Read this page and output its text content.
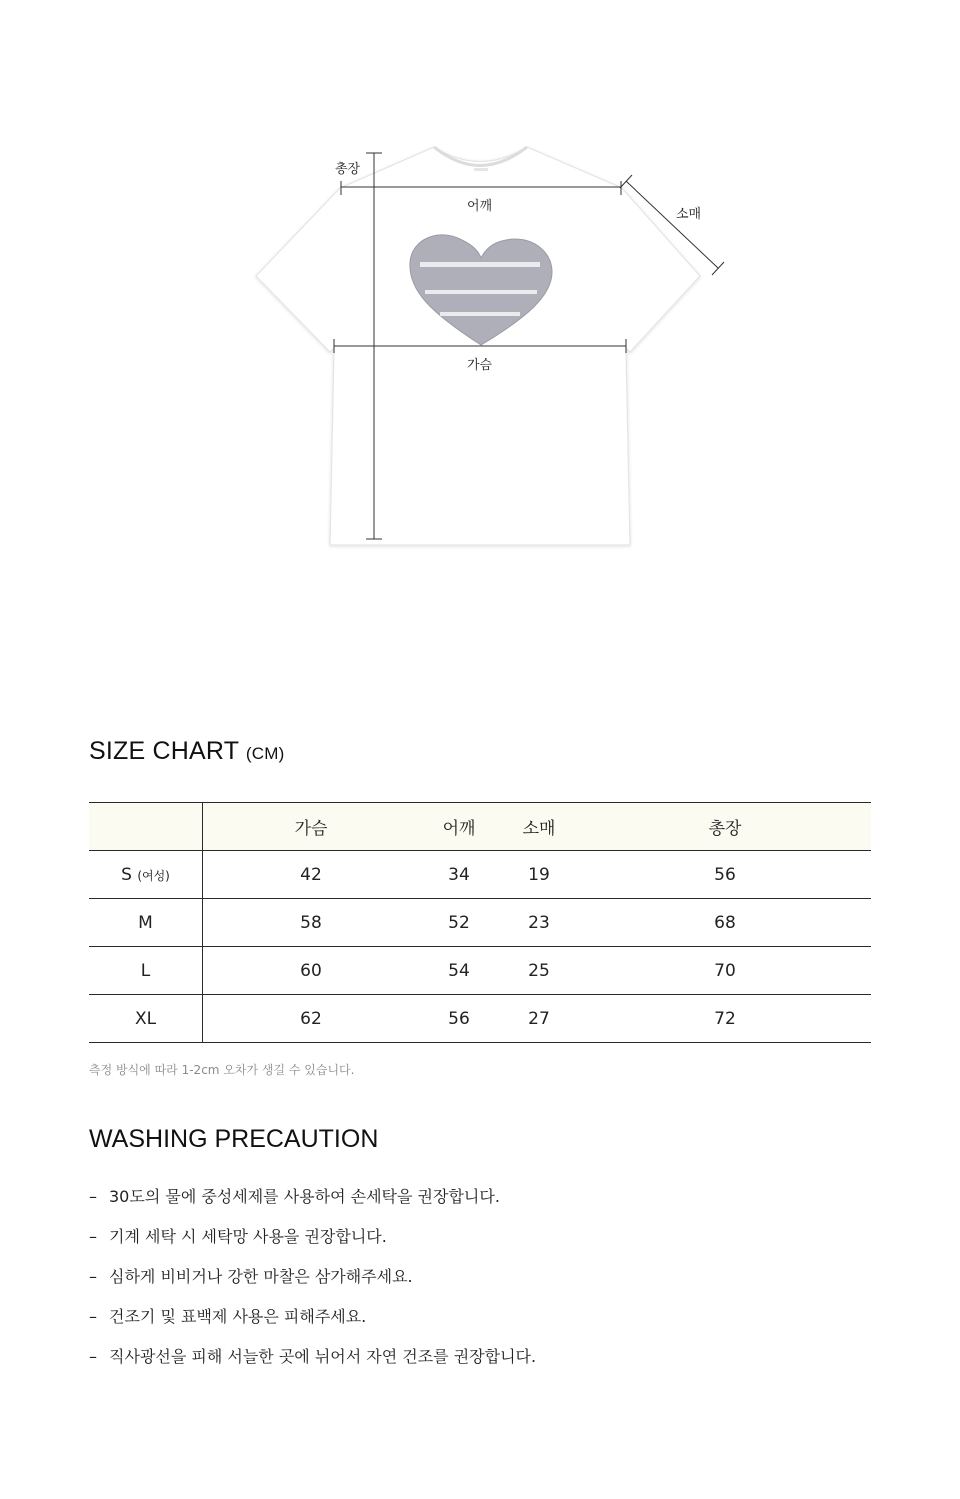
총장
어깨
소매
가슴
SIZE CHART (CM)
	가슴	어깨	소매	총장
S (여성)	42	34	19	56
M	58	52	23	68
L	60	54	25	70
XL	62	56	27	72
측정 방식에 따라 1-2cm 오차가 생길 수 있습니다.
WASHING PRECAUTION
– 30도의 물에 중성세제를 사용하여 손세탁을 권장합니다.
– 기계 세탁 시 세탁망 사용을 권장합니다.
– 심하게 비비거나 강한 마찰은 삼가해주세요.
– 건조기 및 표백제 사용은 피해주세요.
– 직사광선을 피해 서늘한 곳에 뉘어서 자연 건조를 권장합니다.
